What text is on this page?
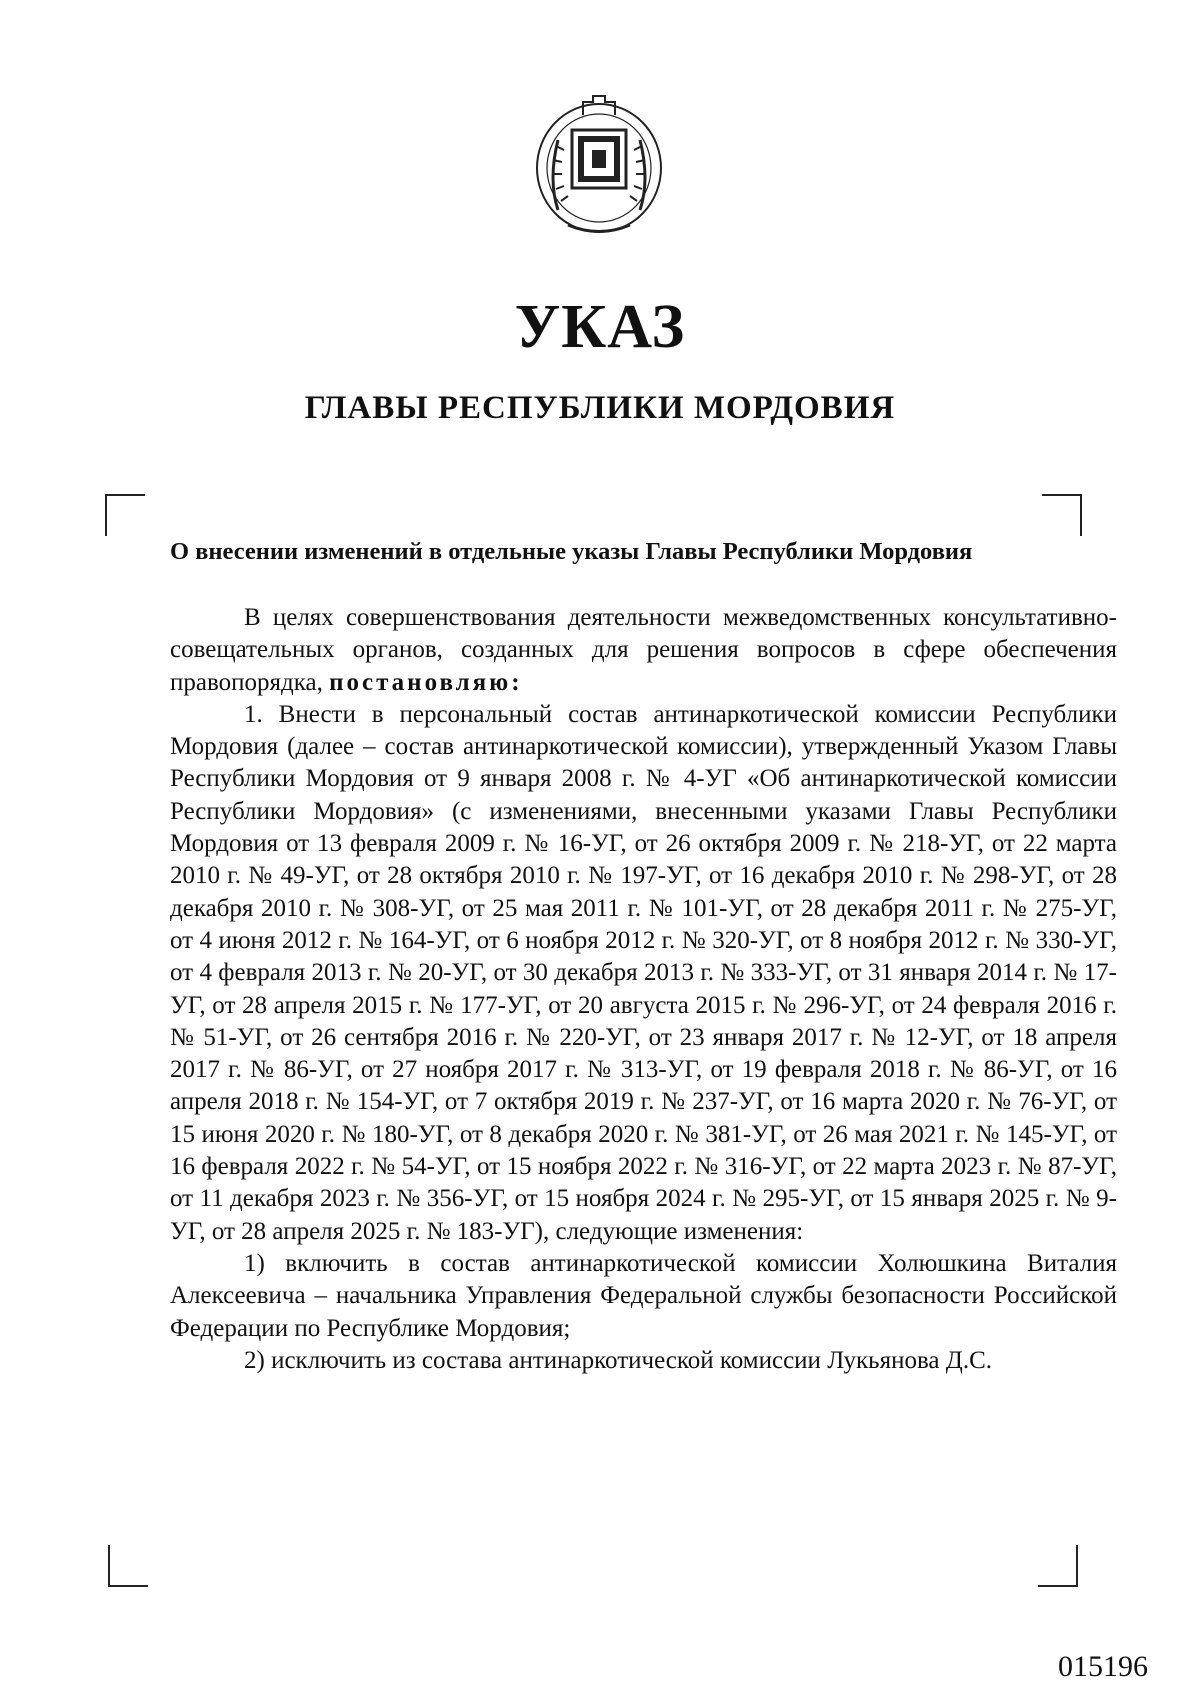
УКАЗ
ГЛАВЫ РЕСПУБЛИКИ МОРДОВИЯ
О внесении изменений в отдельные указы Главы Республики Мордовия

В целях совершенствования деятельности межведомственных консультативно-совещательных органов, созданных для решения вопросов в сфере обеспечения правопорядка, постановляю:

1. Внести в персональный состав антинаркотической комиссии Республики Мордовия (далее – состав антинаркотической комиссии), утвержденный Указом Главы Республики Мордовия от 9 января 2008 г. № 4-УГ «Об антинаркотической комиссии Республики Мордовия» (с изменениями, внесенными указами Главы Республики Мордовия от 13 февраля 2009 г. № 16-УГ, от 26 октября 2009 г. № 218-УГ, от 22 марта 2010 г. № 49-УГ, от 28 октября 2010 г. № 197-УГ, от 16 декабря 2010 г. № 298-УГ, от 28 декабря 2010 г. № 308-УГ, от 25 мая 2011 г. № 101-УГ, от 28 декабря 2011 г. № 275-УГ, от 4 июня 2012 г. № 164-УГ, от 6 ноября 2012 г. № 320-УГ, от 8 ноября 2012 г. № 330-УГ, от 4 февраля 2013 г. № 20-УГ, от 30 декабря 2013 г. № 333-УГ, от 31 января 2014 г. № 17-УГ, от 28 апреля 2015 г. № 177-УГ, от 20 августа 2015 г. № 296-УГ, от 24 февраля 2016 г. № 51-УГ, от 26 сентября 2016 г. № 220-УГ, от 23 января 2017 г. № 12-УГ, от 18 апреля 2017 г. № 86-УГ, от 27 ноября 2017 г. № 313-УГ, от 19 февраля 2018 г. № 86-УГ, от 16 апреля 2018 г. № 154-УГ, от 7 октября 2019 г. № 237-УГ, от 16 марта 2020 г. № 76-УГ, от 15 июня 2020 г. № 180-УГ, от 8 декабря 2020 г. № 381-УГ, от 26 мая 2021 г. № 145-УГ, от 16 февраля 2022 г. № 54-УГ, от 15 ноября 2022 г. № 316-УГ, от 22 марта 2023 г. № 87-УГ, от 11 декабря 2023 г. № 356-УГ, от 15 ноября 2024 г. № 295-УГ, от 15 января 2025 г. № 9-УГ, от 28 апреля 2025 г. № 183-УГ), следующие изменения:

1) включить в состав антинаркотической комиссии Холюшкина Виталия Алексеевича – начальника Управления Федеральной службы безопасности Российской Федерации по Республике Мордовия;

2) исключить из состава антинаркотической комиссии Лукьянова Д.С.

015196
